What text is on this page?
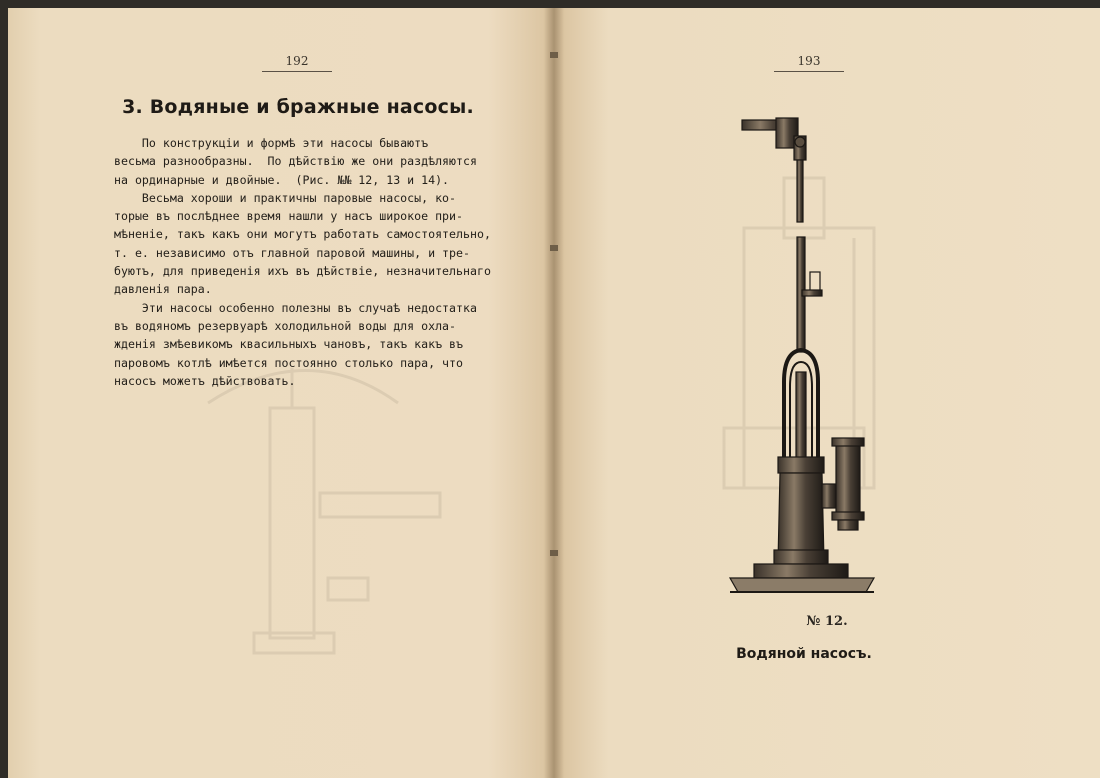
192
3. Водяные и бражные насосы.
По конструкціи и формѣ эти насосы бываютъ
весьма разнообразны.  По дѣйствію же они раздѣляются
на ординарные и двойные.  (Рис. №№ 12, 13 и 14).
Весьма хороши и практичны паровые насосы, ко-
торые въ послѣднее время нашли у насъ широкое при-
мѣненіе, такъ какъ они могутъ работать самостоятельно,
т. е. независимо отъ главной паровой машины, и тре-
буютъ, для приведенія ихъ въ дѣйствіе, незначительнаго
давленія пара.
Эти насосы особенно полезны въ случаѣ недостатка
въ водяномъ резервуарѣ холодильной воды для охла-
жденія змѣевикомъ квасильныхъ чановъ, такъ какъ въ
паровомъ котлѣ имѣется постоянно столько пара, что
насосъ можетъ дѣйствовать.
193
№ 12.
Водяной насосъ.
